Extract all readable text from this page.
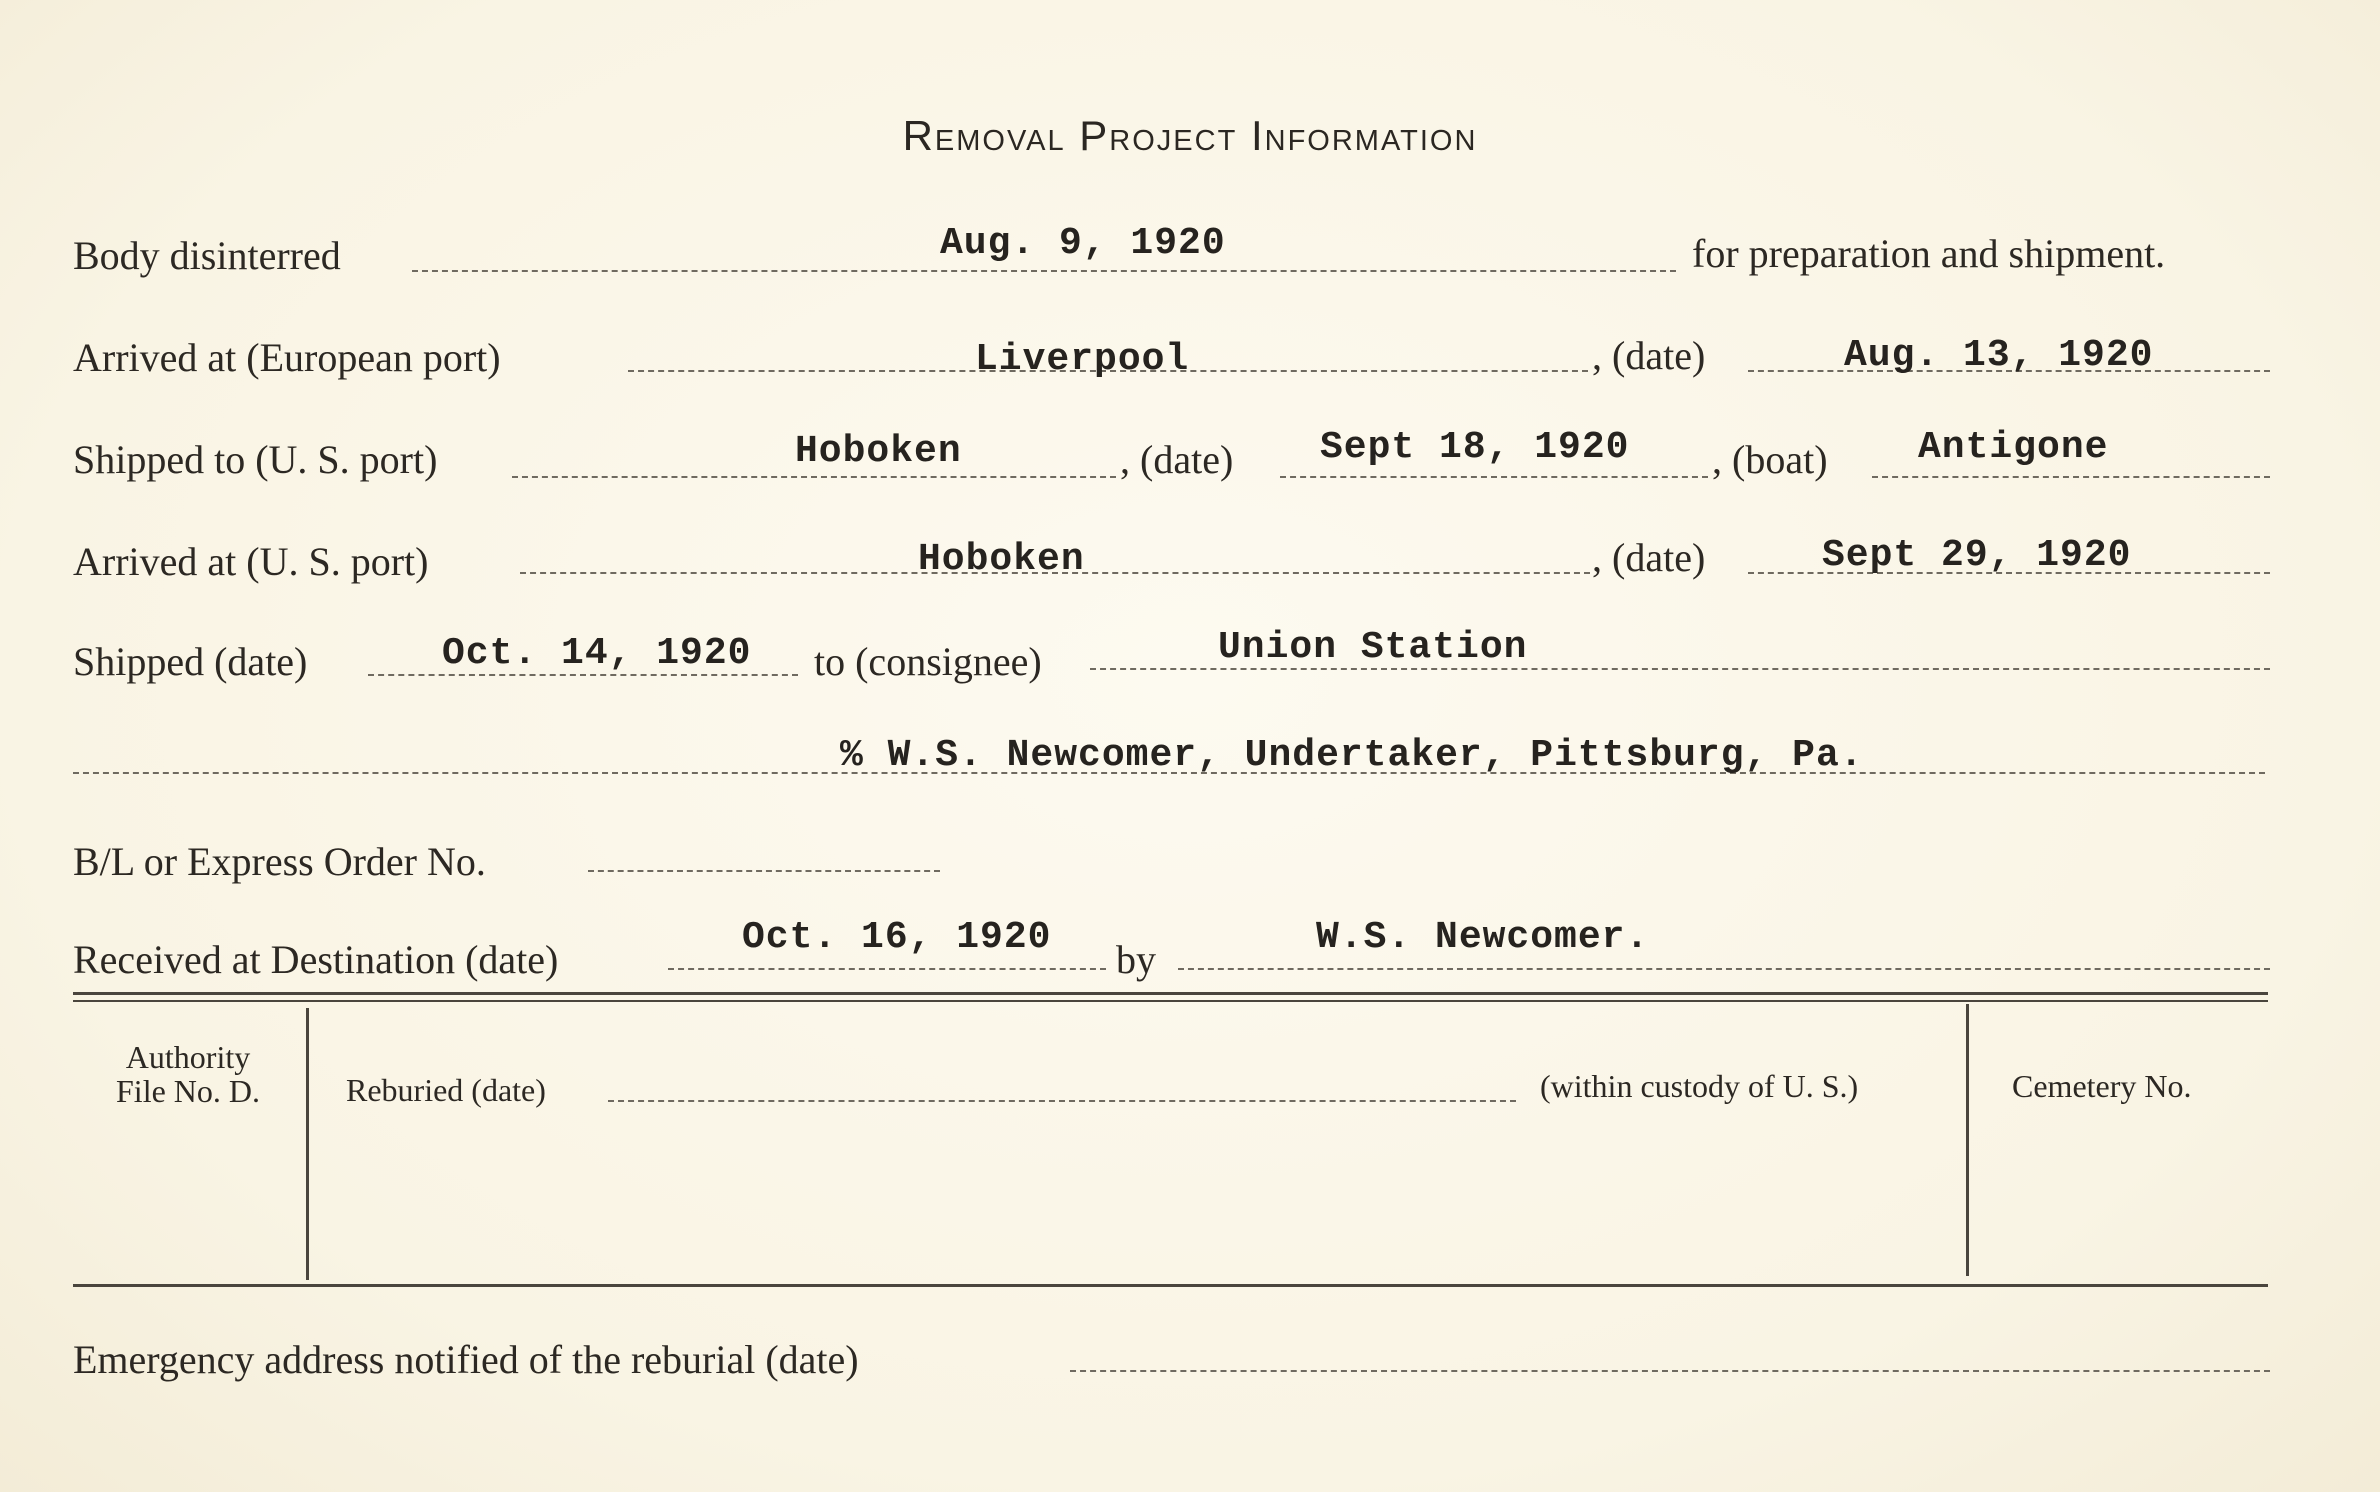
Removal Project Information
Body disinterred	Aug. 9, 1920	for preparation and shipment.
Arrived at (European port)	Liverpool	, (date)	Aug. 13, 1920
Shipped to (U. S. port)	Hoboken	, (date) Sept 18, 1920 , (boat) Antigone
Arrived at (U. S. port)	Hoboken	, (date)	Sept 29, 1920
Shipped (date)	Oct. 14, 1920 to (consignee)	Union Station
% W.S. Newcomer, Undertaker, Pittsburg, Pa.
B/L or Express Order No.
Received at Destination (date)	Oct. 16, 1920 by	W.S. Newcomer.
Authority
File No. D.	Reburied (date)	(within custody of U. S.)	Cemetery No.
Emergency address notified of the reburial (date)
